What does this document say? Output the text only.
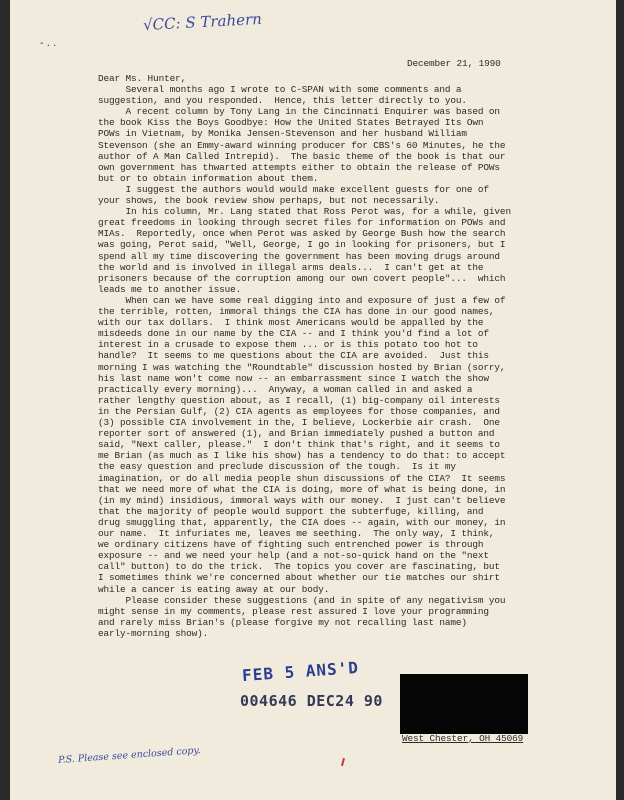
√CC: S Trahern
- . .
December 21, 1990
Dear Ms. Hunter,
Several months ago I wrote to C-SPAN with some comments and a
suggestion, and you responded.  Hence, this letter directly to you.
A recent column by Tony Lang in the Cincinnati Enquirer was based on
the book Kiss the Boys Goodbye: How the United States Betrayed Its Own
POWs in Vietnam, by Monika Jensen-Stevenson and her husband William
Stevenson (she an Emmy-award winning producer for CBS's 60 Minutes, he the
author of A Man Called Intrepid).  The basic theme of the book is that our
own government has thwarted attempts either to obtain the release of POWs
but or to obtain information about them.
I suggest the authors would would make excellent guests for one of
your shows, the book review show perhaps, but not necessarily.
In his column, Mr. Lang stated that Ross Perot was, for a while, given
great freedoms in looking through secret files for information on POWs and
MIAs.  Reportedly, once when Perot was asked by George Bush how the search
was going, Perot said, "Well, George, I go in looking for prisoners, but I
spend all my time discovering the government has been moving drugs around
the world and is involved in illegal arms deals...  I can't get at the
prisoners because of the corruption among our own covert people"...  which
leads me to another issue.
When can we have some real digging into and exposure of just a few of
the terrible, rotten, immoral things the CIA has done in our good names,
with our tax dollars.  I think most Americans would be appalled by the
misdeeds done in our name by the CIA -- and I think you'd find a lot of
interest in a crusade to expose them ... or is this potato too hot to
handle?  It seems to me questions about the CIA are avoided.  Just this
morning I was watching the "Roundtable" discussion hosted by Brian (sorry,
his last name won't come now -- an embarrassment since I watch the show
practically every morning)...  Anyway, a woman called in and asked a
rather lengthy question about, as I recall, (1) big-company oil interests
in the Persian Gulf, (2) CIA agents as employees for those companies, and
(3) possible CIA involvement in the, I believe, Lockerbie air crash.  One
reporter sort of answered (1), and Brian immediately pushed a button and
said, "Next caller, please."  I don't think that's right, and it seems to
me Brian (as much as I like his show) has a tendency to do that: to accept
the easy question and preclude discussion of the tough.  Is it my
imagination, or do all media people shun discussions of the CIA?  It seems
that we need more of what the CIA is doing, more of what is being done, in
(in my mind) insidious, immoral ways with our money.  I just can't believe
that the majority of people would support the subterfuge, killing, and
drug smuggling that, apparently, the CIA does -- again, with our money, in
our name.  It infuriates me, leaves me seething.  The only way, I think,
we ordinary citizens have of fighting such entrenched power is through
exposure -- and we need your help (and a not-so-quick hand on the "next
call" button) to do the trick.  The topics you cover are fascinating, but
I sometimes think we're concerned about whether our tie matches our shirt
while a cancer is eating away at our body.
Please consider these suggestions (and in spite of any negativism you
might sense in my comments, please rest assured I love your programming
and rarely miss Brian's (please forgive my not recalling last name)
early-morning show).
FEB 5 ANS'D
004646 DEC24 90
West Chester, OH 45069
P.S. Please see enclosed copy.
